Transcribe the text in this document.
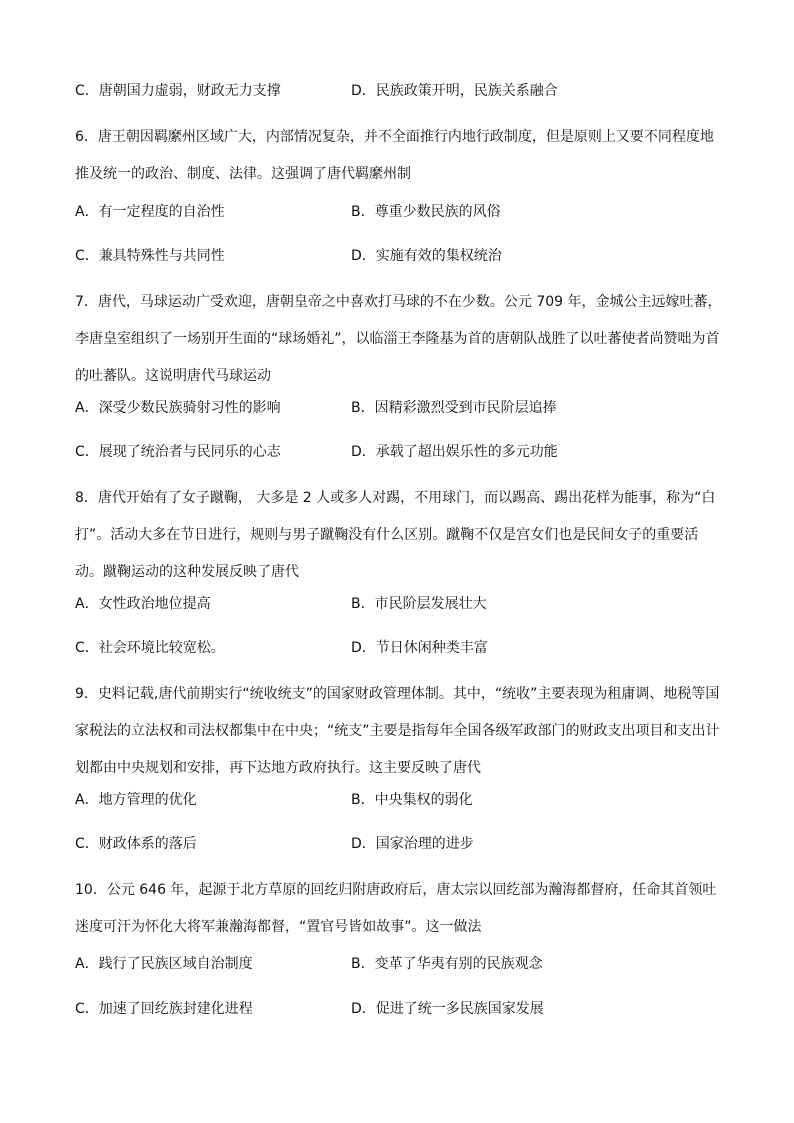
C．唐朝国力虚弱，财政无力支撑	D．民族政策开明，民族关系融合

6．唐王朝因羁縻州区域广大，内部情况复杂，并不全面推行内地行政制度，但是原则上又要不同程度地

推及统一的政治、制度、法律。这强调了唐代羁縻州制

A．有一定程度的自治性	B．尊重少数民族的风俗
C．兼具特殊性与共同性	D．实施有效的集权统治

7．唐代，马球运动广受欢迎，唐朝皇帝之中喜欢打马球的不在少数。公元 709 年，金城公主远嫁吐蕃，

李唐皇室组织了一场别开生面的“球场婚礼”，以临淄王李隆基为首的唐朝队战胜了以吐蕃使者尚赞咄为首

的吐蕃队。这说明唐代马球运动

A．深受少数民族骑射习性的影响	B．因精彩激烈受到市民阶层追捧
C．展现了统治者与民同乐的心志	D．承载了超出娱乐性的多元功能

8．唐代开始有了女子蹴鞠， 大多是 2 人或多人对踢，不用球门，而以踢高、踢出花样为能事，称为“白

打”。活动大多在节日进行，规则与男子蹴鞠没有什么区别。蹴鞠不仅是宫女们也是民间女子的重要活

动。蹴鞠运动的这种发展反映了唐代

A．女性政治地位提高	B．市民阶层发展壮大
C．社会环境比较宽松。	D．节日休闲种类丰富

9．史料记载,唐代前期实行“统收统支”的国家财政管理体制。其中，“统收”主要表现为租庸调、地税等国

家税法的立法权和司法权都集中在中央；“统支”主要是指每年全国各级军政部门的财政支出项目和支出计

划都由中央规划和安排，再下达地方政府执行。这主要反映了唐代

A．地方管理的优化	B．中央集权的弱化
C．财政体系的落后	D．国家治理的进步

10．公元 646 年，起源于北方草原的回纥归附唐政府后，唐太宗以回纥部为瀚海都督府，任命其首领吐

迷度可汗为怀化大将军兼瀚海都督，“置官号皆如故事”。这一做法

A．践行了民族区域自治制度	B．变革了华夷有别的民族观念
C．加速了回纥族封建化进程	D．促进了统一多民族国家发展
